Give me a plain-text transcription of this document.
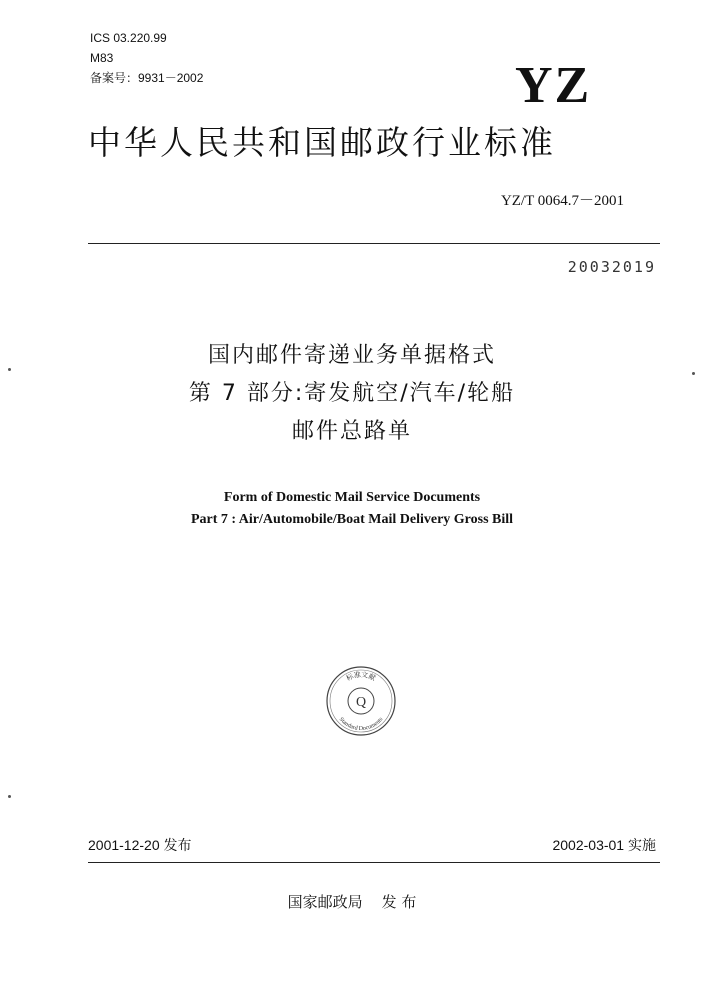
ICS 03.220.99
M83
备案号：9931－2002	YZ
中华人民共和国邮政行业标准
YZ/T 0064.7－2001
20032019
国内邮件寄递业务单据格式
第 7 部分:寄发航空/汽车/轮船
邮件总路单
Form of Domestic Mail Service Documents
Part 7 : Air/Automobile/Boat Mail Delivery Gross Bill
标准文献
Standard Documents
Q
2001-12-20 发布	2002-03-01 实施
国家邮政局    发 布
